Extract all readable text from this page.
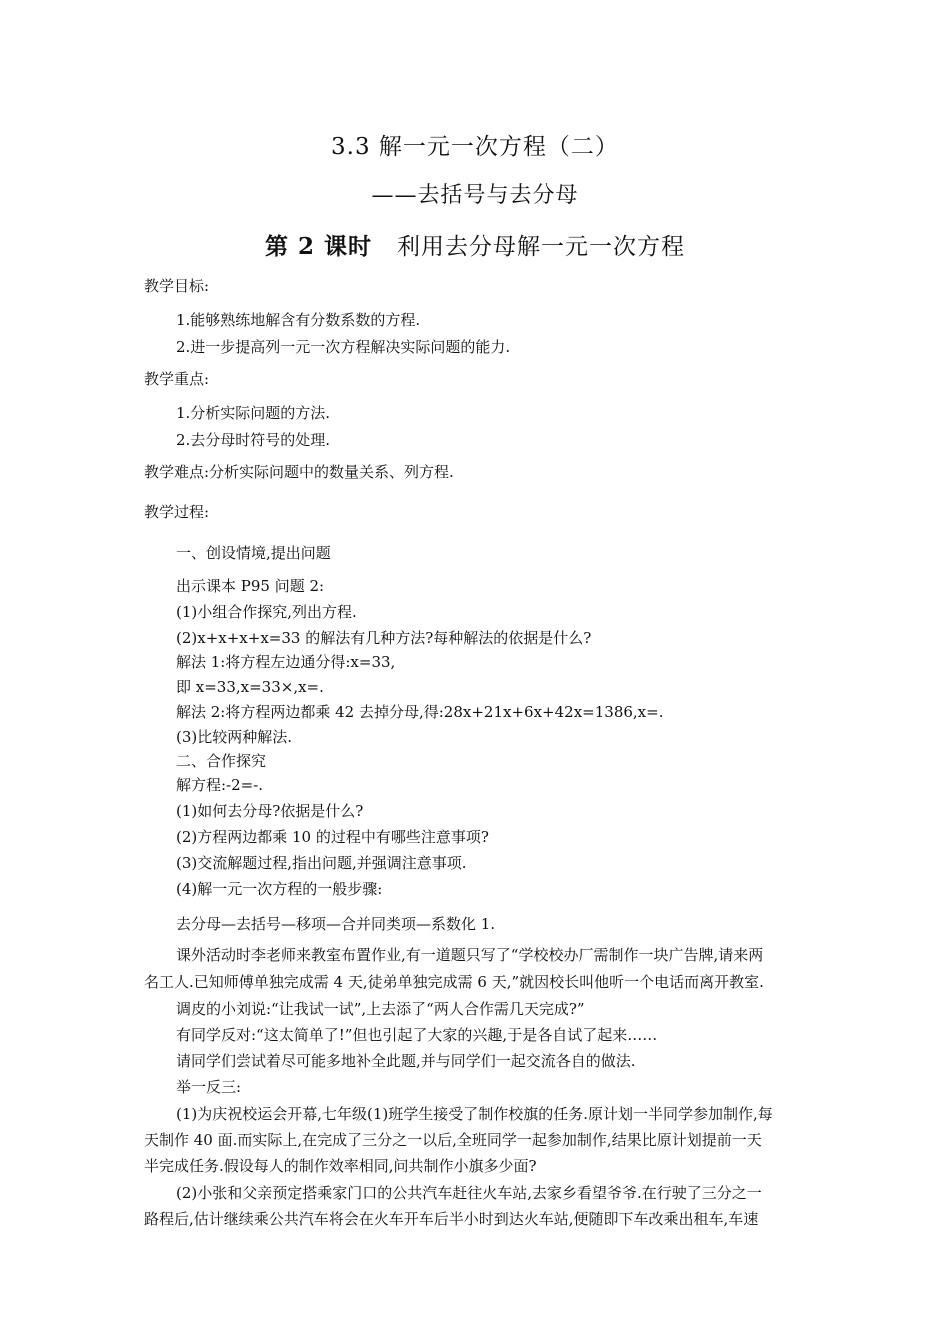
3.3 解一元一次方程（二）
——去括号与去分母
第 2 课时 利用去分母解一元一次方程
教学目标:
1.能够熟练地解含有分数系数的方程.
2.进一步提高列一元一次方程解决实际问题的能力.
教学重点:
1.分析实际问题的方法.
2.去分母时符号的处理.
教学难点:分析实际问题中的数量关系、列方程.
教学过程:
一、创设情境,提出问题
出示课本 P95 问题 2:
(1)小组合作探究,列出方程.
(2)x+x+x+x=33 的解法有几种方法?每种解法的依据是什么?
解法 1:将方程左边通分得:x=33,
即 x=33,x=33×,x=.
解法 2:将方程两边都乘 42 去掉分母,得:28x+21x+6x+42x=1386,x=.
(3)比较两种解法.
二、合作探究
解方程:-2=-.
(1)如何去分母?依据是什么?
(2)方程两边都乘 10 的过程中有哪些注意事项?
(3)交流解题过程,指出问题,并强调注意事项.
(4)解一元一次方程的一般步骤:
去分母—去括号—移项—合并同类项—系数化 1.
课外活动时李老师来教室布置作业,有一道题只写了“学校校办厂需制作一块广告牌,请来两
名工人.已知师傅单独完成需 4 天,徒弟单独完成需 6 天,”就因校长叫他听一个电话而离开教室.
调皮的小刘说:“让我试一试”,上去添了“两人合作需几天完成?”
有同学反对:“这太简单了!”但也引起了大家的兴趣,于是各自试了起来……
请同学们尝试着尽可能多地补全此题,并与同学们一起交流各自的做法.
举一反三:
(1)为庆祝校运会开幕,七年级(1)班学生接受了制作校旗的任务.原计划一半同学参加制作,每
天制作 40 面.而实际上,在完成了三分之一以后,全班同学一起参加制作,结果比原计划提前一天
半完成任务.假设每人的制作效率相同,问共制作小旗多少面?
(2)小张和父亲预定搭乘家门口的公共汽车赶往火车站,去家乡看望爷爷.在行驶了三分之一
路程后,估计继续乘公共汽车将会在火车开车后半小时到达火车站,便随即下车改乘出租车,车速
